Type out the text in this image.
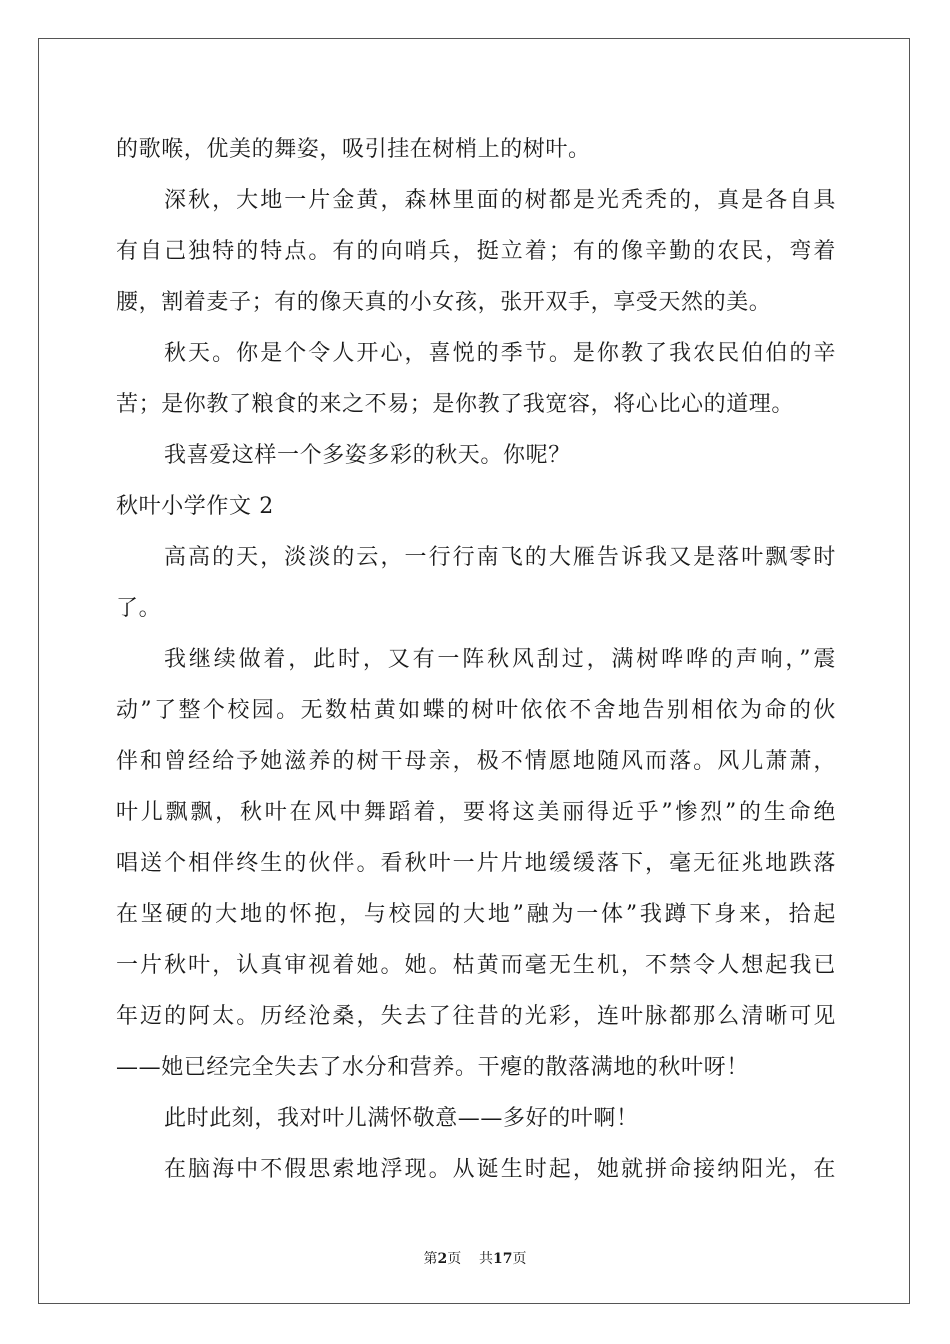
的歌喉，优美的舞姿，吸引挂在树梢上的树叶。
深秋，大地一片金黄，森林里面的树都是光秃秃的，真是各自具
有自己独特的特点。有的向哨兵，挺立着；有的像辛勤的农民，弯着
腰，割着麦子；有的像天真的小女孩，张开双手，享受天然的美。
秋天。你是个令人开心，喜悦的季节。是你教了我农民伯伯的辛
苦；是你教了粮食的来之不易；是你教了我宽容，将心比心的道理。
我喜爱这样一个多姿多彩的秋天。你呢？
秋叶小学作文 2
高高的天，淡淡的云，一行行南飞的大雁告诉我又是落叶飘零时
了。
我继续做着，此时，又有一阵秋风刮过，满树哗哗的声响，”震
动”了整个校园。无数枯黄如蝶的树叶依依不舍地告别相依为命的伙
伴和曾经给予她滋养的树干母亲，极不情愿地随风而落。风儿萧萧，
叶儿飘飘，秋叶在风中舞蹈着，要将这美丽得近乎”惨烈”的生命绝
唱送个相伴终生的伙伴。看秋叶一片片地缓缓落下，毫无征兆地跌落
在坚硬的大地的怀抱，与校园的大地”融为一体”我蹲下身来，拾起
一片秋叶，认真审视着她。她。枯黄而毫无生机，不禁令人想起我已
年迈的阿太。历经沧桑，失去了往昔的光彩，连叶脉都那么清晰可见
——她已经完全失去了水分和营养。干瘪的散落满地的秋叶呀！
此时此刻，我对叶儿满怀敬意——多好的叶啊！
在脑海中不假思索地浮现。从诞生时起，她就拼命接纳阳光，在
第2页 共17页
